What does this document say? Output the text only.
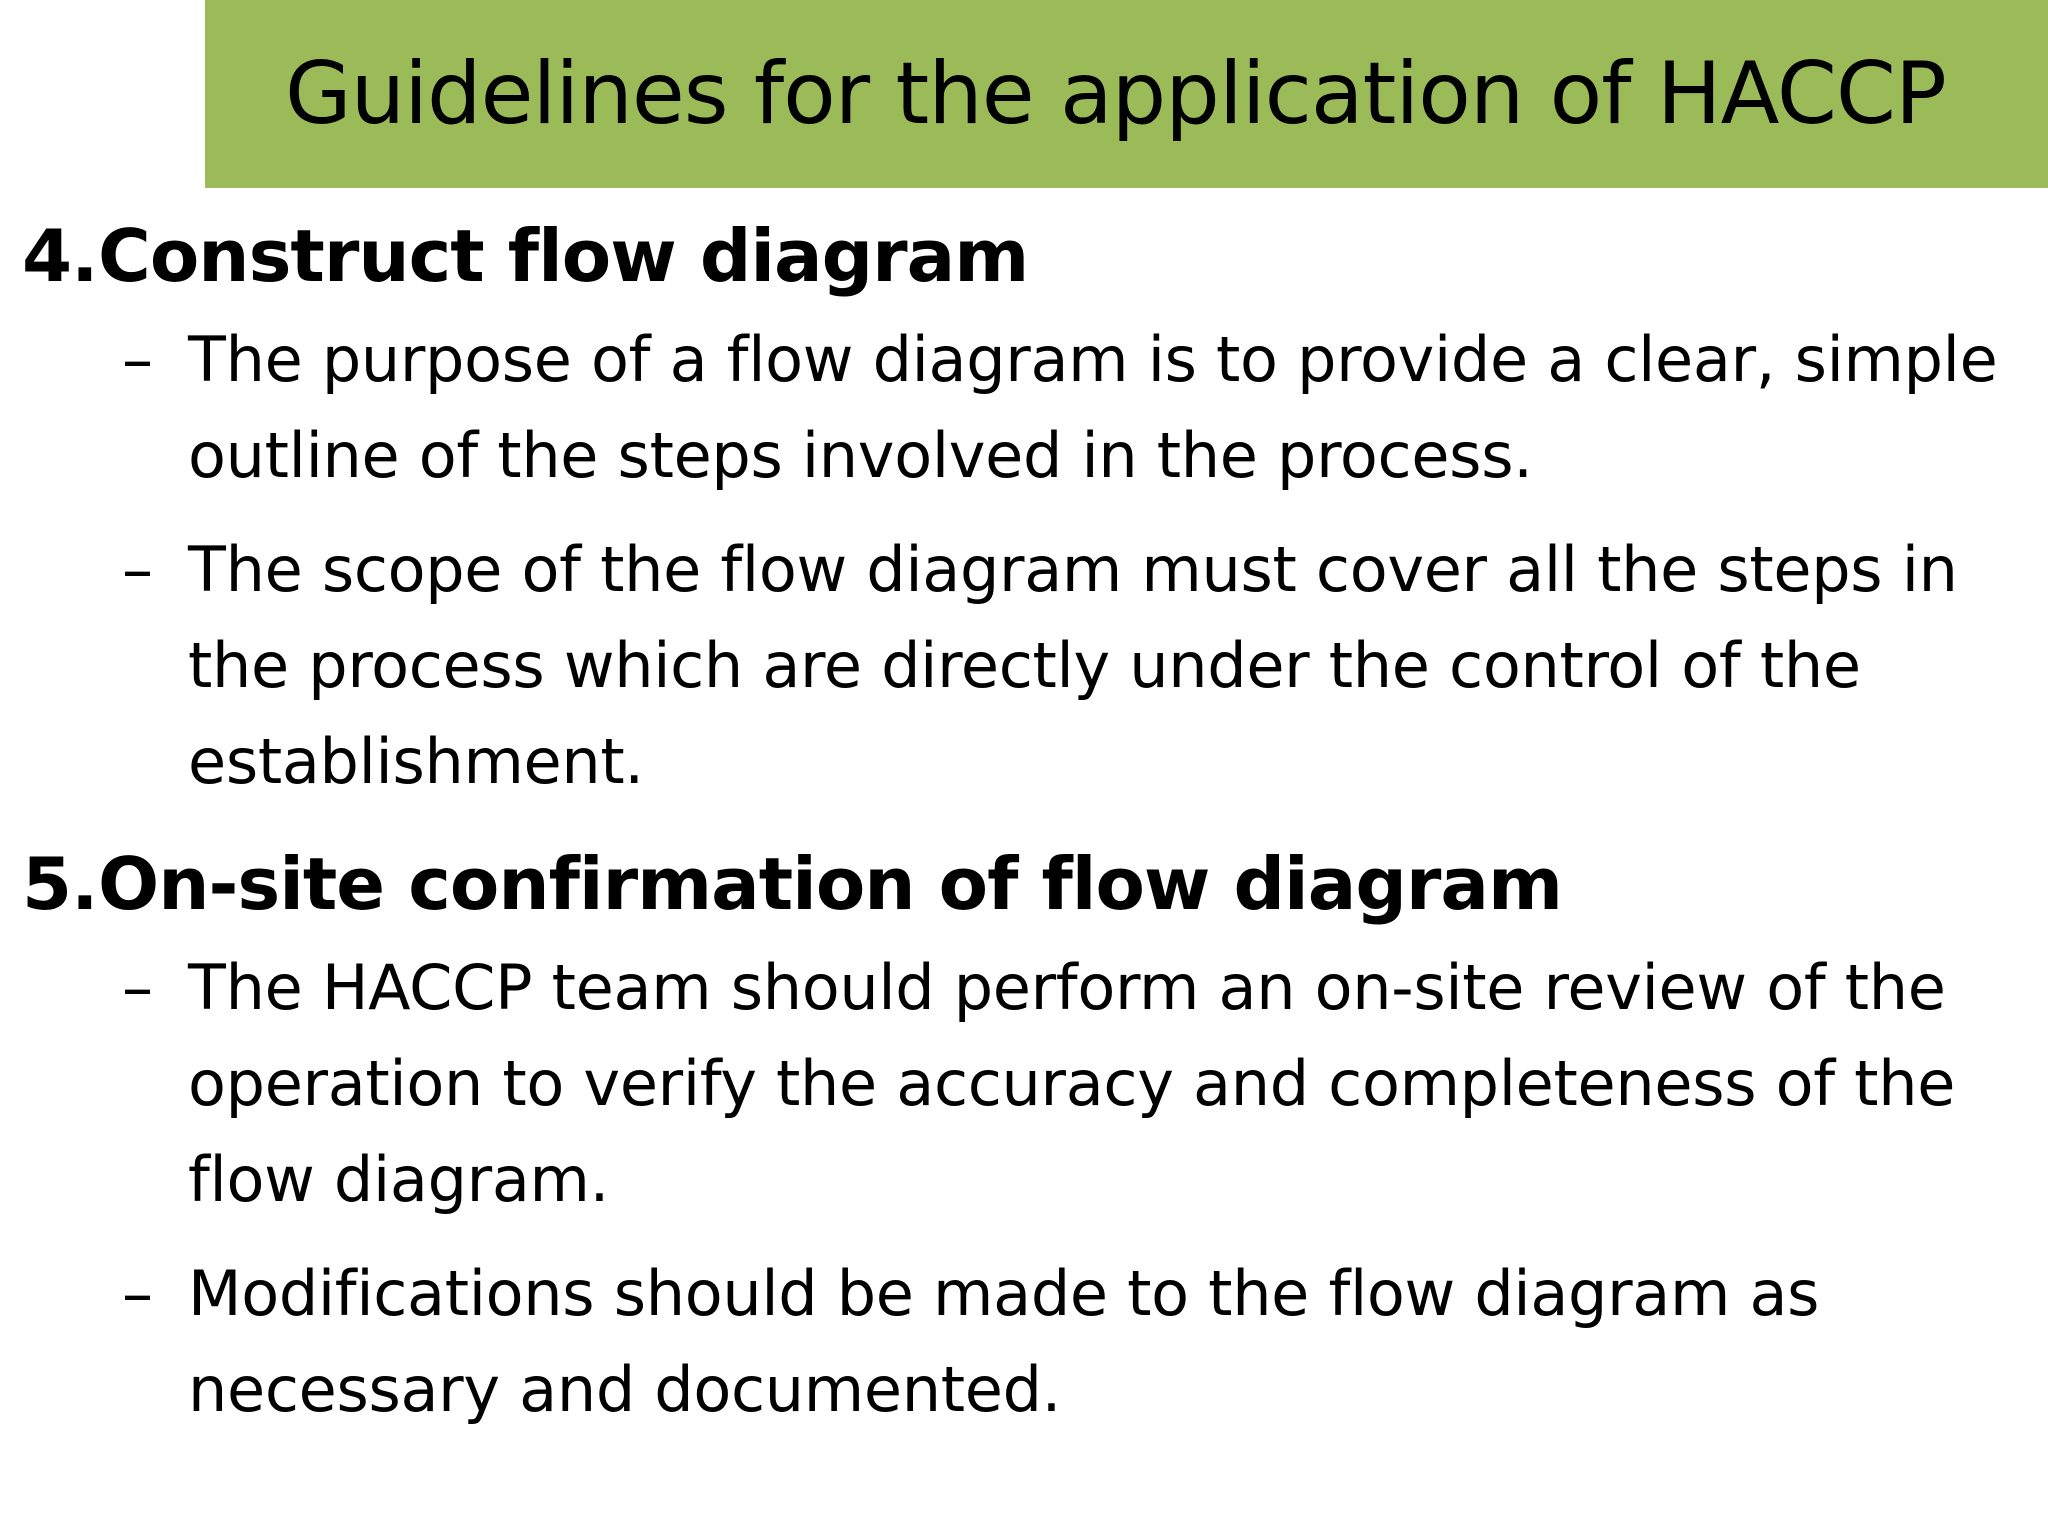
Guidelines for the application of HACCP
4. Construct flow diagram
– The purpose of a flow diagram is to provide a clear, simple outline of the steps involved in the process.
– The scope of the flow diagram must cover all the steps in the process which are directly under the control of the establishment.
5. On-site confirmation of flow diagram
– The HACCP team should perform an on-site review of the operation to verify the accuracy and completeness of the flow diagram.
– Modifications should be made to the flow diagram as necessary and documented.
